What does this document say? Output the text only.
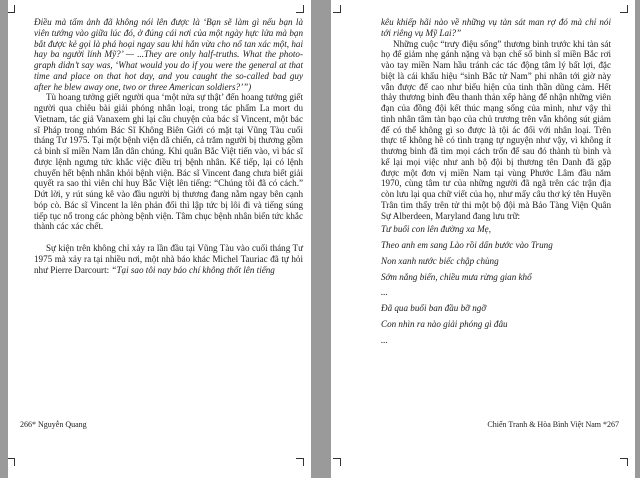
Điều mà tấm ảnh đã không nói lên được là ‘Bạn sẽ làm gì nếu bạn là viên tướng vào giữa lúc đó, ở đúng cái nơi của một ngày hực lửa mà bạn bắt được kẻ gọi là phá hoại ngay sau khi hắn vừa cho nổ tan xác một, hai hay ba người lính Mỹ?’ — ...They are only half-truths. What the photo-graph didn’t say was, ‘What would you do if you were the general at that time and place on that hot day, and you caught the so-called bad guy after he blew away one, two or three American soldiers?’”)

Tù hoang tưởng giết người qua ‘một nửa sự thật’ đến hoang tưởng giết người qua chiêu bài giải phóng nhân loại, trong tác phẩm La mort du Vietnam, tác giả Vanaxem ghi lại câu chuyện của bác sĩ Vincent, một bác sĩ Pháp trong nhóm Bác Sĩ Không Biên Giới có mặt tại Vũng Tàu cuối tháng Tư 1975. Tại một bệnh viện dã chiến, cả trăm người bị thương gồm cả binh sĩ miền Nam lẫn dân chúng. Khi quân Bắc Việt tiến vào, vì bác sĩ được lệnh ngưng tức khắc việc điều trị bệnh nhân. Kế tiếp, lại có lệnh chuyển hết bệnh nhân khỏi bệnh viện. Bác sĩ Vincent đang chưa biết giải quyết ra sao thì viên chỉ huy Bắc Việt lên tiếng: “Chúng tôi đã có cách.” Dứt lời, y rút súng kê vào đầu người bị thương đang nằm ngay bên cạnh bóp cò. Bác sĩ Vincent la lên phản đối thì lập tức bị lôi đi và tiếng súng tiếp tục nổ trong các phòng bệnh viện. Tâm chục bệnh nhân biến tức khắc thành các xác chết.

Sự kiện trên không chỉ xảy ra lần đầu tại Vũng Tàu vào cuối tháng Tư 1975 mà xảy ra tại nhiều nơi, một nhà báo khác Michel Tauriac đã tự hỏi như Pierre Darcourt: “Tại sao tôi nay báo chí không thốt lên tiếng

266* Nguyễn Quang

kêu khiếp hãi nào về những vụ tàn sát man rợ đó mà chỉ nói tới riêng vụ Mỹ Lai?”

Những cuộc “trưy điệu sống” thương binh trước khi tàn sát họ để giảm nhẹ gánh nặng và bạn chế số binh sĩ miền Bắc rơi vào tay miền Nam hầu tránh các tác động tâm lý bất lợi, đặc biệt là cái khẩu hiệu “sinh Bắc tử Nam” phi nhân tới giờ này vẫn được để cao như biểu hiện của tinh thần dũng cảm. Hết thảy thương binh đều thanh thản xếp hàng để nhận những viên đạn của đồng đội kết thúc mạng sống của mình, như vậy thì tình nhân tâm tàn bạo của chủ trương trên vẫn không sút giảm để có thể không gì so được là tội ác đối với nhân loại. Trên thực tế không hề có tình trạng tự nguyện như vậy, vì không ít thương binh đã tìm mọi cách trốn để sau đó thành tù binh và kể lại mọi việc như anh bộ đội bị thương tên Danh đã gặp được một đơn vị miền Nam tại vùng Phước Lâm đầu năm 1970, cùng tâm tư của những người đã ngã trên các trận địa còn lưu lại qua chữ viết của họ, như mấy câu thơ ký tên Huyền Trân tìm thấy trên tử thi một bộ đội mà Bảo Tàng Viện Quân Sự Alberdeen, Maryland đang lưu trữ:

Tư buổi con lên đường xa Mẹ,
Theo anh em sang Lào rồi dấn bước vào Trung
Non xanh nước biếc chập chùng
Sớm nắng biển, chiều mưa rừng gian khổ
...
Đã qua buổi ban đầu bỡ ngỡ
Con nhìn ra nào giải phóng gì đâu
...
Chiến Tranh & Hòa Bình Việt Nam *267
